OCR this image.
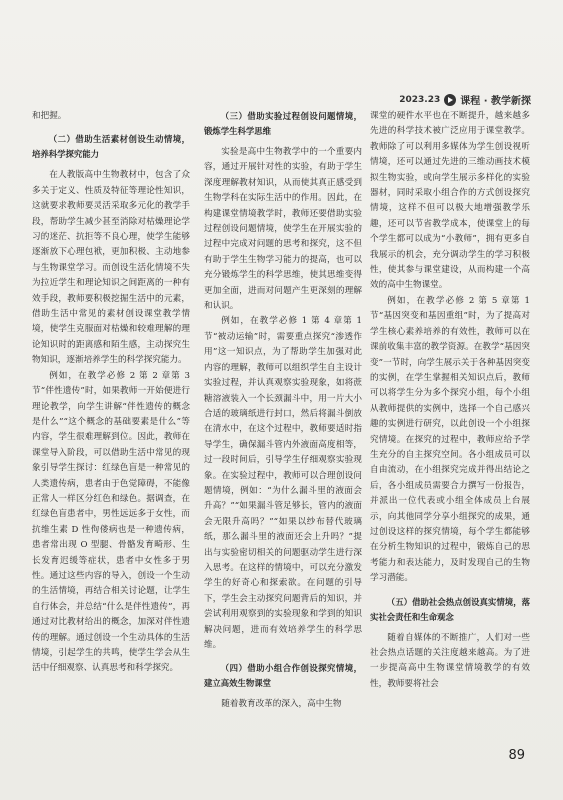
2023.23 课程 · 教学新探

和把握。

（二）借助生活素材创设生动情境，培养科学探究能力

在人教版高中生物教材中，包含了众多关于定义、性质及特征等理论性知识，这就要求教师要灵活采取多元化的教学手段，帮助学生减少甚至消除对枯燥理论学习的迷茫、抗拒等不良心理，使学生能够逐渐放下心理包袱，更加积极、主动地参与生物课堂学习。而创设生活化情境不失为拉近学生和理论知识之间距离的一种有效手段，教师要积极挖掘生活中的元素，借助生活中常见的素材创设课堂教学情境，使学生克服面对枯燥和较难理解的理论知识时的距离感和陌生感，主动探究生物知识，逐渐培养学生的科学探究能力。

例如，在教学必修 2 第 2 章第 3 节“伴性遗传”时，如果教师一开始便进行理论教学，向学生讲解“伴性遗传的概念是什么”“这个概念的基础要素是什么”等内容，学生很难理解到位。因此，教师在课堂导入阶段，可以借助生活中常见的现象引导学生探讨：红绿色盲是一种常见的人类遗传病，患者由于色觉障碍，不能像正常人一样区分红色和绿色。据调查，在红绿色盲患者中，男性远远多于女性，而抗维生素 D 性佝偻病也是一种遗传病，患者常出现 O 型腿、骨骼发育畸形、生长发育迟缓等症状，患者中女性多于男性。通过这些内容的导入，创设一个生动的生活情境，再结合相关讨论题，让学生自行体会，并总结“什么是伴性遗传”，再通过对比教材给出的概念，加深对伴性遗传的理解。通过创设一个生动具体的生活情境，引起学生的共鸣，使学生学会从生活中仔细观察、认真思考和科学探究。

（三）借助实验过程创设问题情境，锻炼学生科学思维

实验是高中生物教学中的一个重要内容，通过开展针对性的实验，有助于学生深度理解教材知识，从而使其真正感受到生物学科在实际生活中的作用。因此，在构建课堂情境教学时，教师还要借助实验过程创设问题情境，使学生在开展实验的过程中完成对问题的思考和探究，这不但有助于学生生物学习能力的提高，也可以充分锻炼学生的科学思维，使其思维变得更加全面，进而对问题产生更深刻的理解和认识。

例如，在教学必修 1 第 4 章第 1 节“被动运输”时，需要重点探究“渗透作用”这一知识点，为了帮助学生加强对此内容的理解，教师可以组织学生自主设计实验过程，并认真观察实验现象，如将蔗糖溶液装入一个长颈漏斗中，用一片大小合适的玻璃纸进行封口，然后将漏斗倒放在清水中，在这个过程中，教师要适时指导学生，确保漏斗管内外液面高度相等，过一段时间后，引导学生仔细观察实验现象。在实验过程中，教师可以合理创设问题情境，例如：“为什么漏斗里的液面会升高？”“如果漏斗管足够长，管内的液面会无限升高吗？”“如果以纱布替代玻璃纸，那么漏斗里的液面还会上升吗？”提出与实验密切相关的问题驱动学生进行深入思考。在这样的情境中，可以充分激发学生的好奇心和探索欲。在问题的引导下，学生会主动探究问题背后的知识，并尝试利用观察到的实验现象和学到的知识解决问题，进而有效培养学生的科学思维。

（四）借助小组合作创设探究情境，建立高效生物课堂

随着教育改革的深入，高中生物

课堂的硬件水平也在不断提升，越来越多先进的科学技术被广泛应用于课堂教学。教师除了可以利用多媒体为学生创设视听情境，还可以通过先进的三维动画技术模拟生物实验，或向学生展示多样化的实验器材，同时采取小组合作的方式创设探究情境，这样不但可以极大地增强教学乐趣，还可以节省教学成本，使课堂上的每个学生都可以成为“小教师”，拥有更多自我展示的机会，充分调动学生的学习积极性，使其参与课堂建设，从而构建一个高效的高中生物课堂。

例如，在教学必修 2 第 5 章第 1 节“基因突变和基因重组”时，为了提高对学生核心素养培养的有效性，教师可以在课前收集丰富的教学资源。在教学“基因突变”一节时，向学生展示关于各种基因突变的实例，在学生掌握相关知识点后，教师可以将学生分为多个探究小组，每个小组从教师提供的实例中，选择一个自己感兴趣的实例进行研究，以此创设一个小组探究情境。在探究的过程中，教师应给予学生充分的自主探究空间。各小组成员可以自由流动，在小组探究完成并得出结论之后，各小组成员需要合力撰写一份报告，并派出一位代表或小组全体成员上台展示，向其他同学分享小组探究的成果，通过创设这样的探究情境，每个学生都能够在分析生物知识的过程中，锻炼自己的思考能力和表达能力，及时发现自己的生物学习潜能。

（五）借助社会热点创设真实情境，落实社会责任和生命观念

随着自媒体的不断推广，人们对一些社会热点话题的关注度越来越高。为了进一步提高高中生物课堂情境教学的有效性，教师要将社会

89
